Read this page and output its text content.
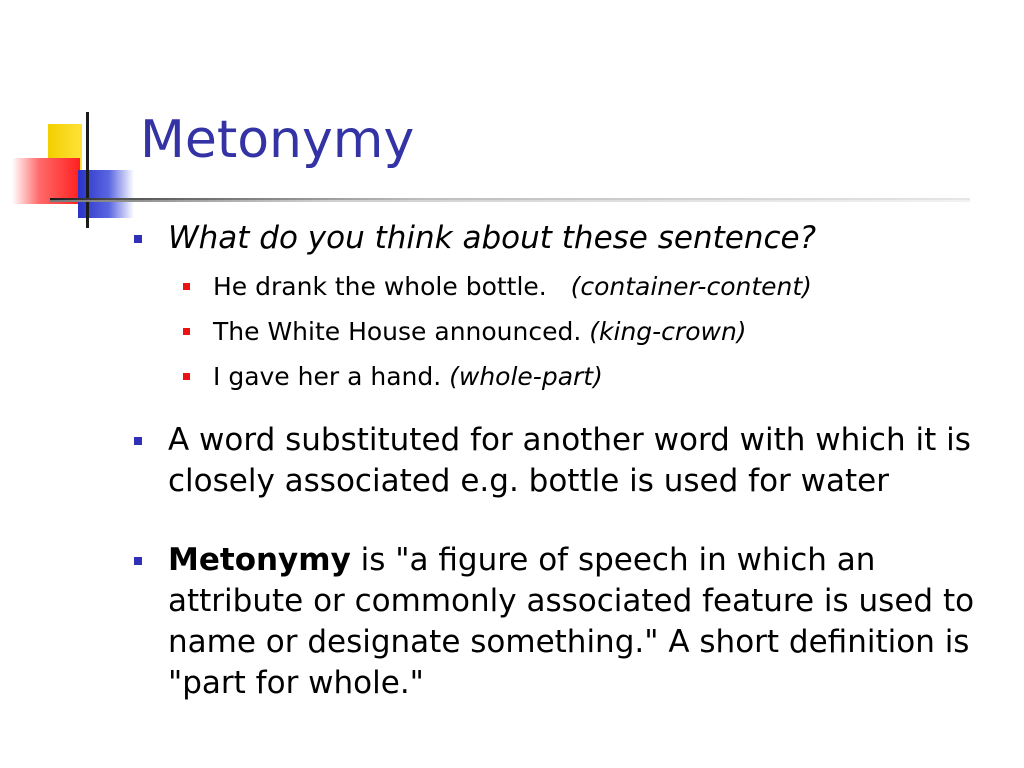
Metonymy
What do you think about these sentence?
He drank the whole bottle. (container-content)
The White House announced. (king-crown)
I gave her a hand. (whole-part)
A word substituted for another word with which it is closely associated e.g. bottle is used for water
Metonymy is "a figure of speech in which an attribute or commonly associated feature is used to name or designate something." A short definition is "part for whole."
